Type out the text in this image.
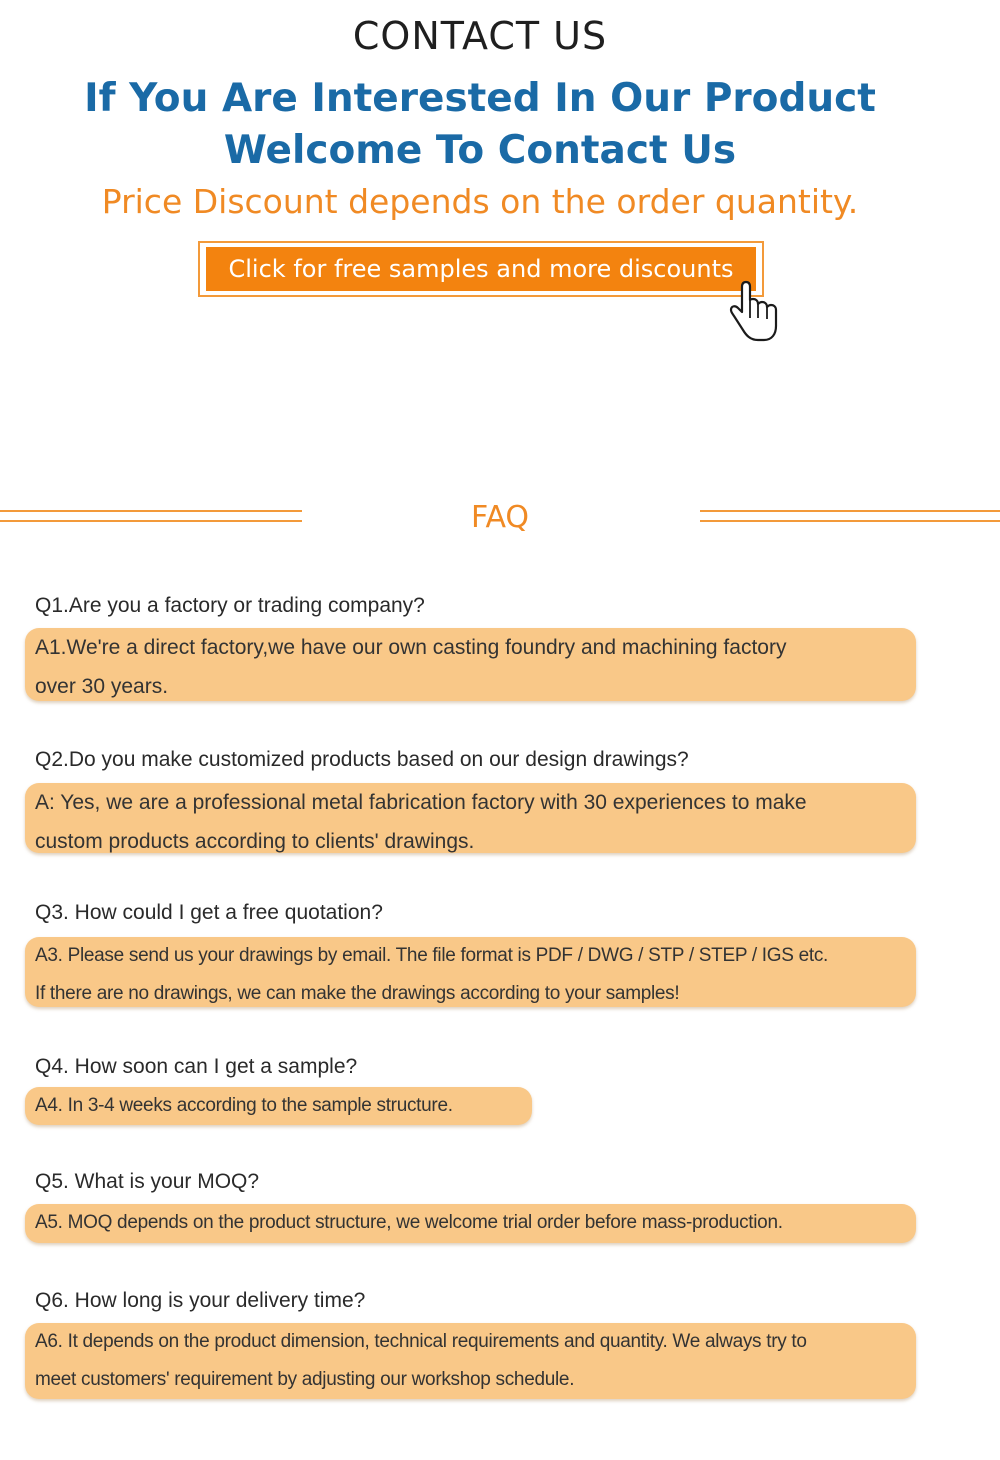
CONTACT US
If You Are Interested In Our Product
Welcome To Contact Us
Price Discount depends on the order quantity.
Click for free samples and more discounts
FAQ
Q1.Are you a factory or trading company?
A1.We're a direct factory,we have our own casting foundry and machining factory
over 30 years.
Q2.Do you make customized products based on our design drawings?
A: Yes, we are a professional metal fabrication factory with 30 experiences to make
custom products according to clients' drawings.
Q3. How could I get a free quotation?
A3. Please send us your drawings by email. The file format is PDF / DWG / STP / STEP / IGS etc.
If there are no drawings, we can make the drawings according to your samples!
Q4. How soon can I get a sample?
A4. In 3-4 weeks according to the sample structure.
Q5. What is your MOQ?
A5. MOQ depends on the product structure, we welcome trial order before mass-production.
Q6. How long is your delivery time?
A6. It depends on the product dimension, technical requirements and quantity. We always try to
meet customers' requirement by adjusting our workshop schedule.
